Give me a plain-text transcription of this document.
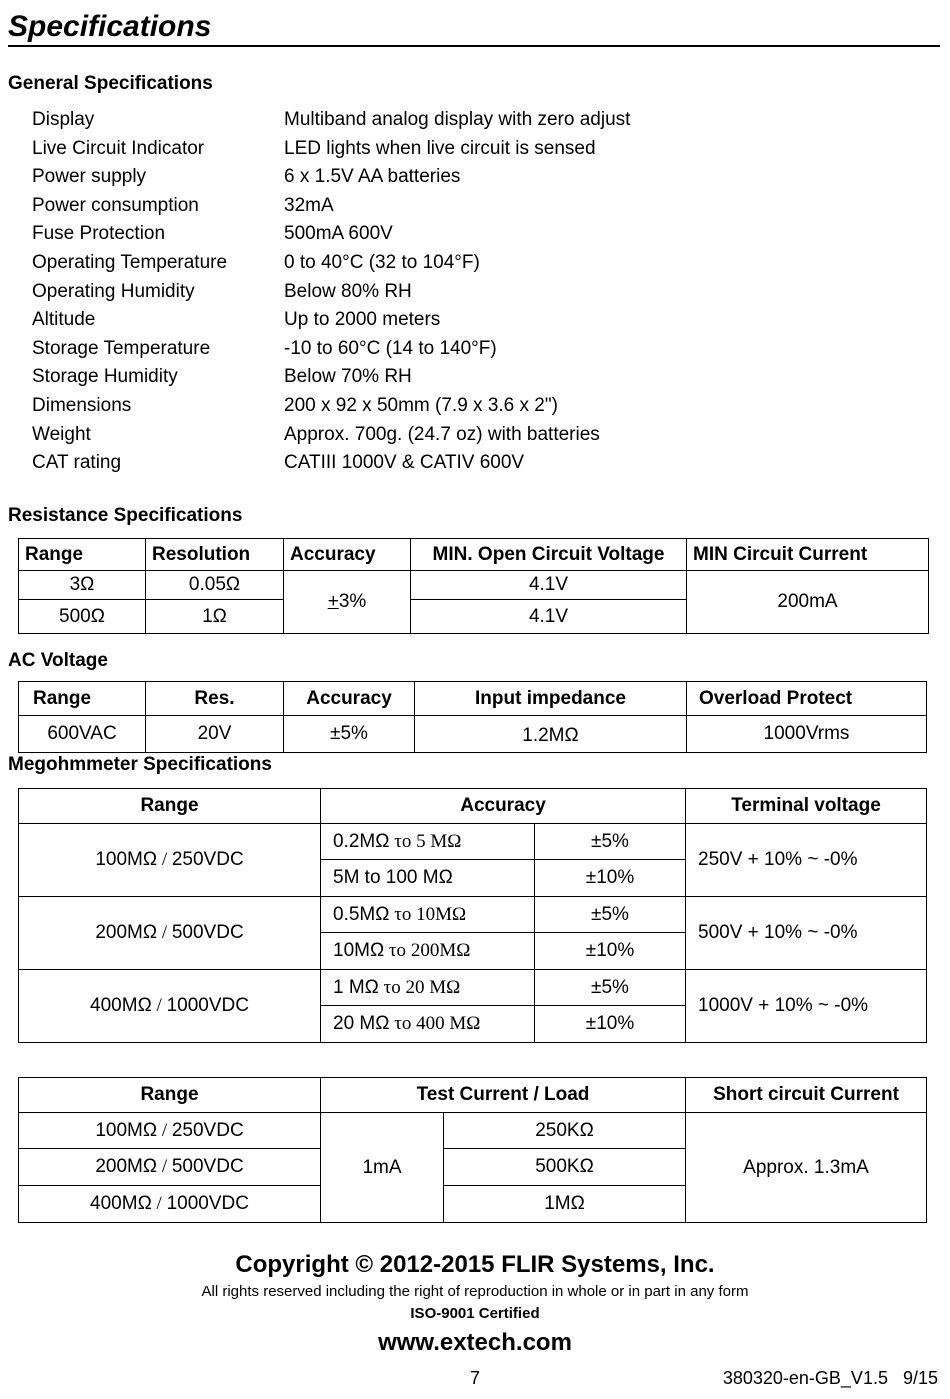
Specifications
General Specifications
Display	Multiband analog display with zero adjust
Live Circuit Indicator	LED lights when live circuit is sensed
Power supply	6 x 1.5V AA batteries
Power consumption	32mA
Fuse Protection	500mA 600V
Operating Temperature	0 to 40°C (32 to 104°F)
Operating Humidity	Below 80% RH
Altitude	Up to 2000 meters
Storage Temperature	-10 to 60°C (14 to 140°F)
Storage Humidity	Below 70% RH
Dimensions	200 x 92 x 50mm (7.9 x 3.6 x 2")
Weight	Approx. 700g. (24.7 oz) with batteries
CAT rating	CATIII 1000V & CATIV 600V
Resistance Specifications
Range	Resolution	Accuracy	MIN. Open Circuit Voltage	MIN Circuit Current
3Ω	0.05Ω	+3%	4.1V	200mA
500Ω	1Ω		4.1V	
AC Voltage
Range	Res.	Accuracy	Input impedance	Overload Protect
600VAC	20V	±5%	1.2MΩ	1000Vrms
Megohmmeter Specifications
Range	Accuracy		Terminal voltage
100MΩ / 250VDC	0.2MΩ το 5 MΩ	±5%	250V + 10% ~ -0%
	5M to 100 MΩ	±10%	
200MΩ / 500VDC	0.5MΩ το 10MΩ	±5%	500V + 10% ~ -0%
	10MΩ το 200MΩ	±10%	
400MΩ / 1000VDC	1 MΩ το 20 MΩ	±5%	1000V + 10% ~ -0%
	20 MΩ το 400 MΩ	±10%	
Range	Test Current / Load		Short circuit Current
100MΩ / 250VDC	1mA	250KΩ	Approx. 1.3mA
200MΩ / 500VDC		500KΩ	
400MΩ / 1000VDC		1MΩ	
Copyright © 2012-2015 FLIR Systems, Inc.
All rights reserved including the right of reproduction in whole or in part in any form
ISO-9001 Certified
www.extech.com
7	380320-en-GB_V1.5   9/15
